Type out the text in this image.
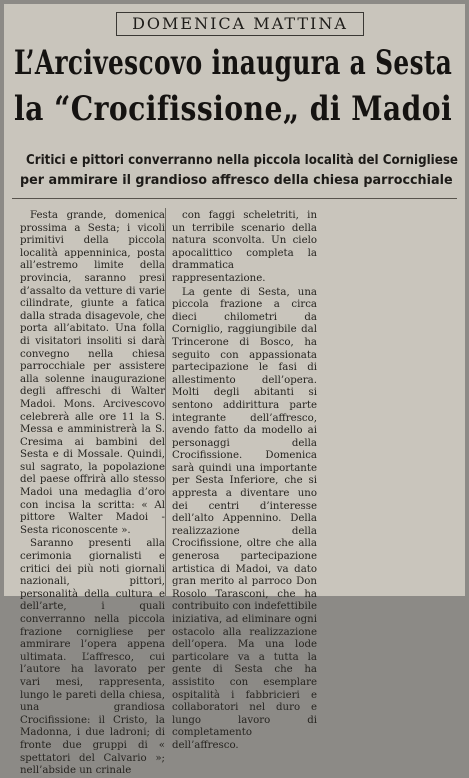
DOMENICA MATTINA
L’Arcivescovo inaugura a Sesta
la “Crocifissione„ di Madoi
Critici e pittori converranno nella piccola località del Cornigliese
per ammirare il grandioso affresco della chiesa parrocchiale

Festa grande, domenica prossima a Sesta; i vicoli primitivi della piccola località appenninica, posta all’estremo limite della provincia, saranno presi d’assalto da vetture di varie cilindrate, giunte a fatica dalla strada disagevole, che porta all’abitato. Una folla di visitatori insoliti si darà convegno nella chiesa parrocchiale per assistere alla solenne inaugurazione degli affreschi di Walter Madoi. Mons. Arcivescovo celebrerà alle ore 11 la S. Messa e amministrerà la S. Cresima ai bambini del Sesta e di Mossale. Quindi, sul sagrato, la popolazione del paese offrirà allo stesso Madoi una medaglia d’oro con incisa la scritta: « Al pittore Walter Madoi - Sesta riconoscente ».

Saranno presenti alla cerimonia giornalisti e critici dei più noti giornali nazionali, pittori, personalità della cultura e dell’arte, i quali converranno nella piccola frazione cornigliese per ammirare l’opera appena ultimata. L’affresco, cui l’autore ha lavorato per vari mesi, rappresenta, lungo le pareti della chiesa, una grandiosa Crocifissione: il Cristo, la Madonna, i due ladroni; di fronte due gruppi di « spettatori del Calvario »; nell’abside un crinale

con faggi scheletriti, in un terribile scenario della natura sconvolta. Un cielo apocalittico completa la drammatica rappresentazione.

La gente di Sesta, una piccola frazione a circa dieci chilometri da Corniglio, raggiungibile dal Trincerone di Bosco, ha seguito con appassionata partecipazione le fasi di allestimento dell’opera. Molti degli abitanti si sentono addirittura parte integrante dell’affresco, avendo fatto da modello ai personaggi della Crocifissione. Domenica sarà quindi una importante per Sesta Inferiore, che si appresta a diventare uno dei centri d’interesse dell’alto Appennino. Della realizzazione della Crocifissione, oltre che alla generosa partecipazione artistica di Madoi, va dato gran merito al parroco Don Rosolo Tarasconi, che ha contribuito con indefettibile iniziativa, ad eliminare ogni ostacolo alla realizzazione dell’opera. Ma una lode particolare va a tutta la gente di Sesta che ha assistito con esemplare ospitalità i fabbricieri e collaboratori nel duro e lungo lavoro di completamento dell’affresco.
